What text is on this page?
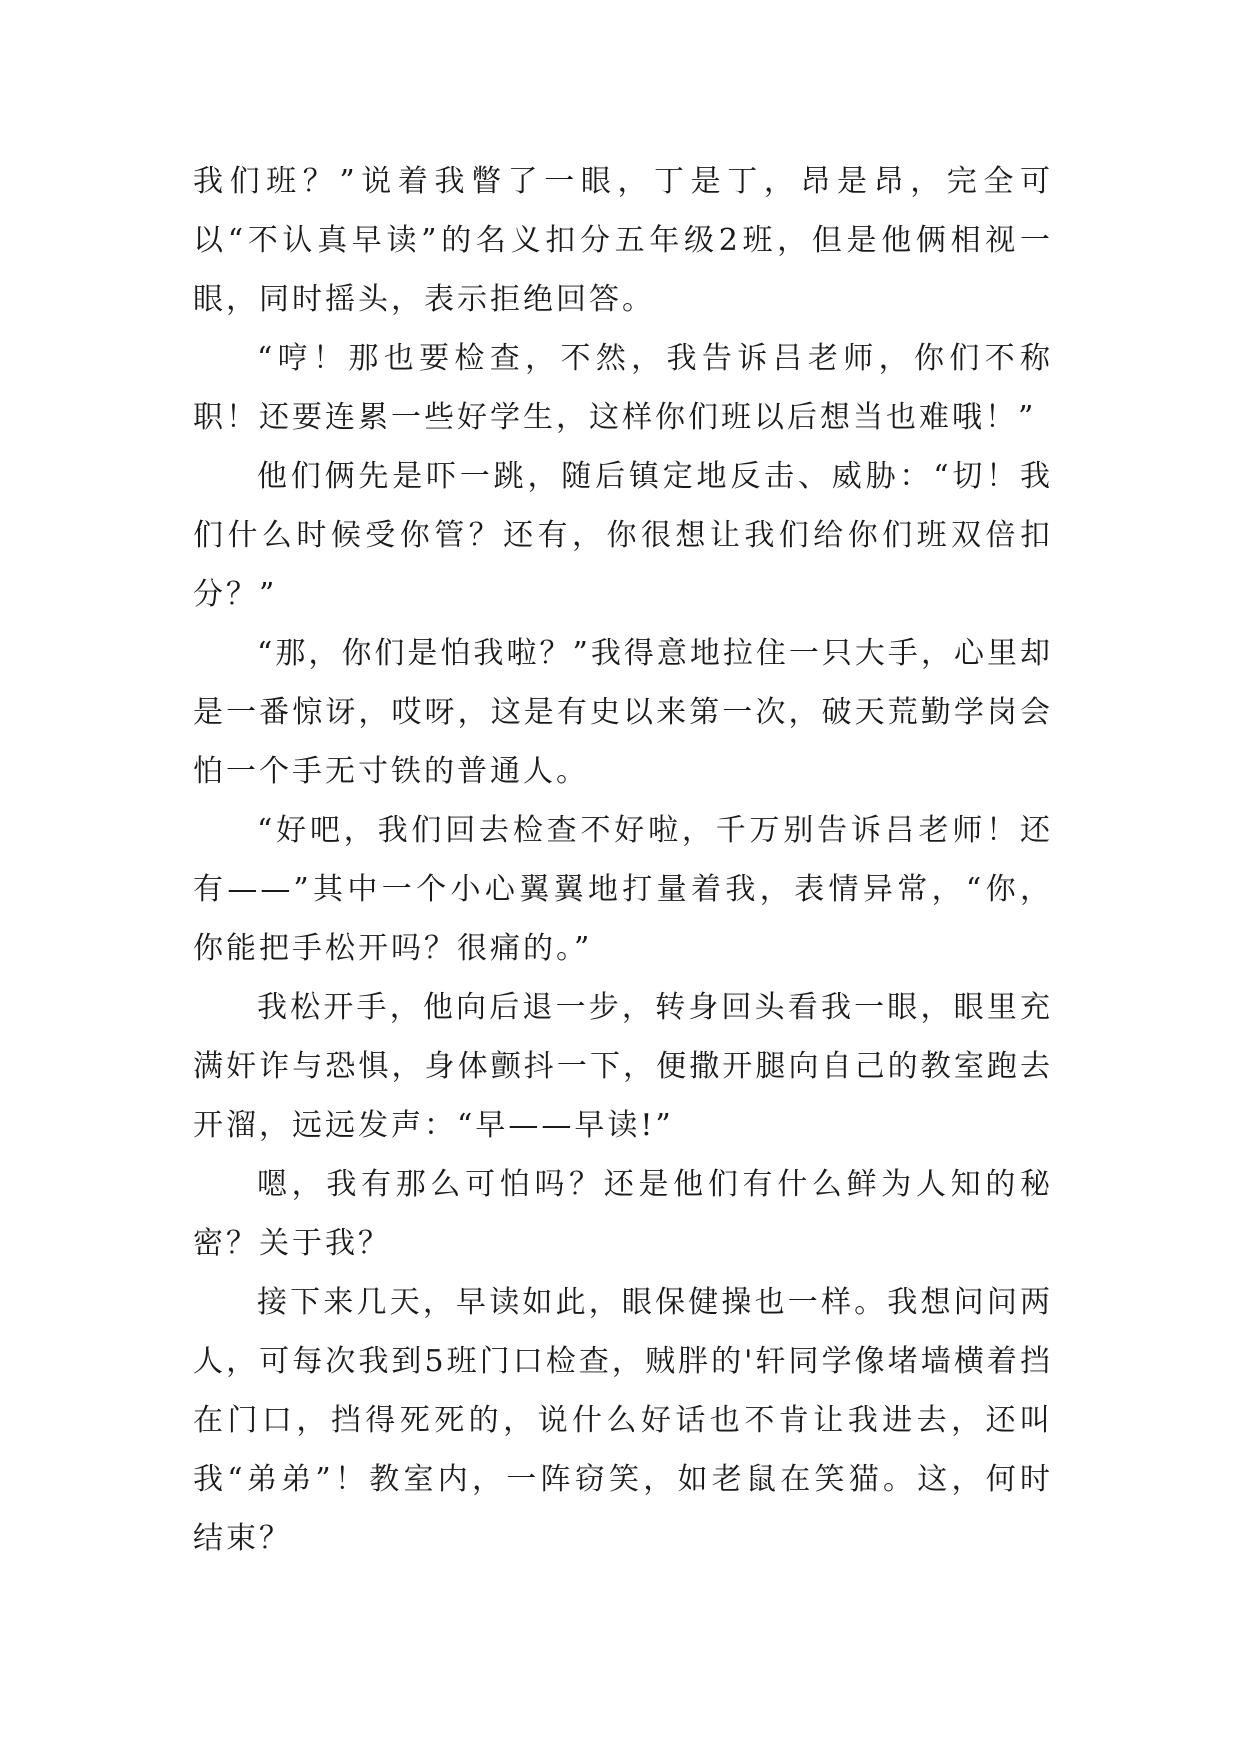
我们班？”说着我瞥了一眼，丁是丁，昂是昂，完全可以“不认真早读”的名义扣分五年级2班，但是他俩相视一眼，同时摇头，表示拒绝回答。

“哼！那也要检查，不然，我告诉吕老师，你们不称职！还要连累一些好学生，这样你们班以后想当也难哦！”

他们俩先是吓一跳，随后镇定地反击、威胁：“切！我们什么时候受你管？还有，你很想让我们给你们班双倍扣分？”

“那，你们是怕我啦？”我得意地拉住一只大手，心里却是一番惊讶，哎呀，这是有史以来第一次，破天荒勤学岗会怕一个手无寸铁的普通人。

“好吧，我们回去检查不好啦，千万别告诉吕老师！还有——”其中一个小心翼翼地打量着我，表情异常，“你，你能把手松开吗？很痛的。”

我松开手，他向后退一步，转身回头看我一眼，眼里充满奸诈与恐惧，身体颤抖一下，便撒开腿向自己的教室跑去开溜，远远发声：“早——早读!”

嗯，我有那么可怕吗？还是他们有什么鲜为人知的秘密？关于我？

接下来几天，早读如此，眼保健操也一样。我想问问两人，可每次我到5班门口检查，贼胖的'轩同学像堵墙横着挡在门口，挡得死死的，说什么好话也不肯让我进去，还叫我“弟弟”！教室内，一阵窃笑，如老鼠在笑猫。这，何时结束？
